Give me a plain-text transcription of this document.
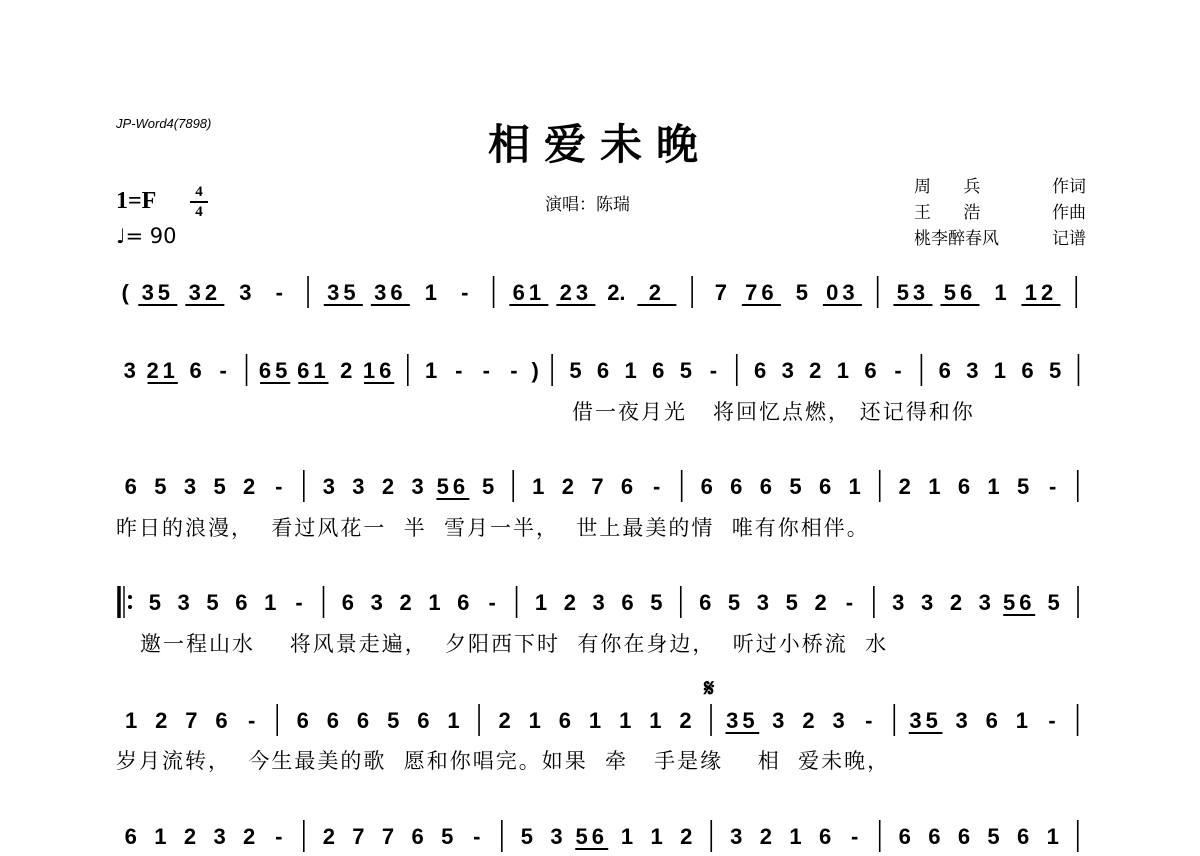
JP-Word4(7898)	相爱未晚
演唱：陈瑞
周      兵	作词
王      浩	作曲
桃李醉春风	记谱
1=F	4
4
♩= 90
𝄋
( 35 32 3 - 35 36 1 - 61 23 2. 2 7 76 5 03 53 56 1 12
3 21 6 - 65 61 2 16 1 - - - ) 5 6 1 6 5 - 6 3 2 1 6 - 6 3 1 6 5
借一夜月光   将回忆点燃， 还记得和你
6 5 3 5 2 - 3 3 2 3 56 5 1 2 7 6 - 6 6 6 5 6 1 2 1 6 1 5 -
昨日的浪漫，  看过风花一  半  雪月一半，  世上最美的情  唯有你相伴。
5 3 5 6 1 - 6 3 2 1 6 - 1 2 3 6 5 6 5 3 5 2 - 3 3 2 3 56 5
邀一程山水    将风景走遍，  夕阳西下时  有你在身边，  听过小桥流  水
1 2 7 6 - 6 6 6 5 6 1 2 1 6 1 1 1 2 35 3 2 3 - 35 3 6 1 -
岁月流转，  今生最美的歌  愿和你唱完。如果  牵   手是缘    相  爱未晚，
6 1 2 3 2 - 2 7 7 6 5 - 5 3 56 1 1 2 3 2 1 6 - 6 6 6 5 6 1
